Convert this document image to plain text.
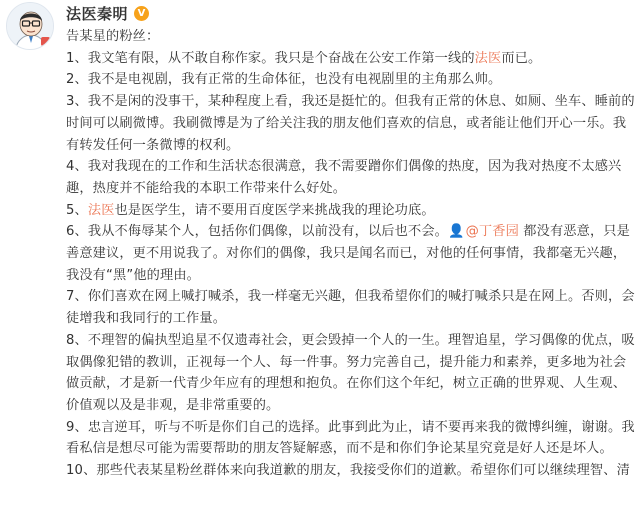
法医秦明 V

告某星的粉丝：

1、我文笔有限，从不敢自称作家。我只是个奋战在公安工作第一线的法医而已。

2、我不是电视剧，我有正常的生命体征，也没有电视剧里的主角那么帅。

3、我不是闲的没事干，某种程度上看，我还是挺忙的。但我有正常的休息、如厕、坐车、睡前的时间可以刷微博。我刷微博是为了给关注我的朋友他们喜欢的信息，或者能让他们开心一乐。我有转发任何一条微博的权利。

4、我对我现在的工作和生活状态很满意，我不需要蹭你们偶像的热度，因为我对热度不太感兴趣，热度并不能给我的本职工作带来什么好处。

5、法医也是医学生，请不要用百度医学来挑战我的理论功底。

6、我从不侮辱某个人，包括你们偶像，以前没有，以后也不会。👤@丁香园 都没有恶意，只是善意建议，更不用说我了。对你们的偶像，我只是闻名而已，对他的任何事情，我都毫无兴趣，我没有“黑”他的理由。

7、你们喜欢在网上喊打喊杀，我一样毫无兴趣，但我希望你们的喊打喊杀只是在网上。否则，会徒增我和我同行的工作量。

8、不理智的偏执型追星不仅遗毒社会，更会毁掉一个人的一生。理智追星，学习偶像的优点，吸取偶像犯错的教训，正视每一个人、每一件事。努力完善自己，提升能力和素养，更多地为社会做贡献，才是新一代青少年应有的理想和抱负。在你们这个年纪，树立正确的世界观、人生观、价值观以及是非观，是非常重要的。

9、忠言逆耳，听与不听是你们自己的选择。此事到此为止，请不要再来我的微博纠缠，谢谢。我看私信是想尽可能为需要帮助的朋友答疑解惑，而不是和你们争论某星究竟是好人还是坏人。

10、那些代表某星粉丝群体来向我道歉的朋友，我接受你们的道歉。希望你们可以继续理智、清
